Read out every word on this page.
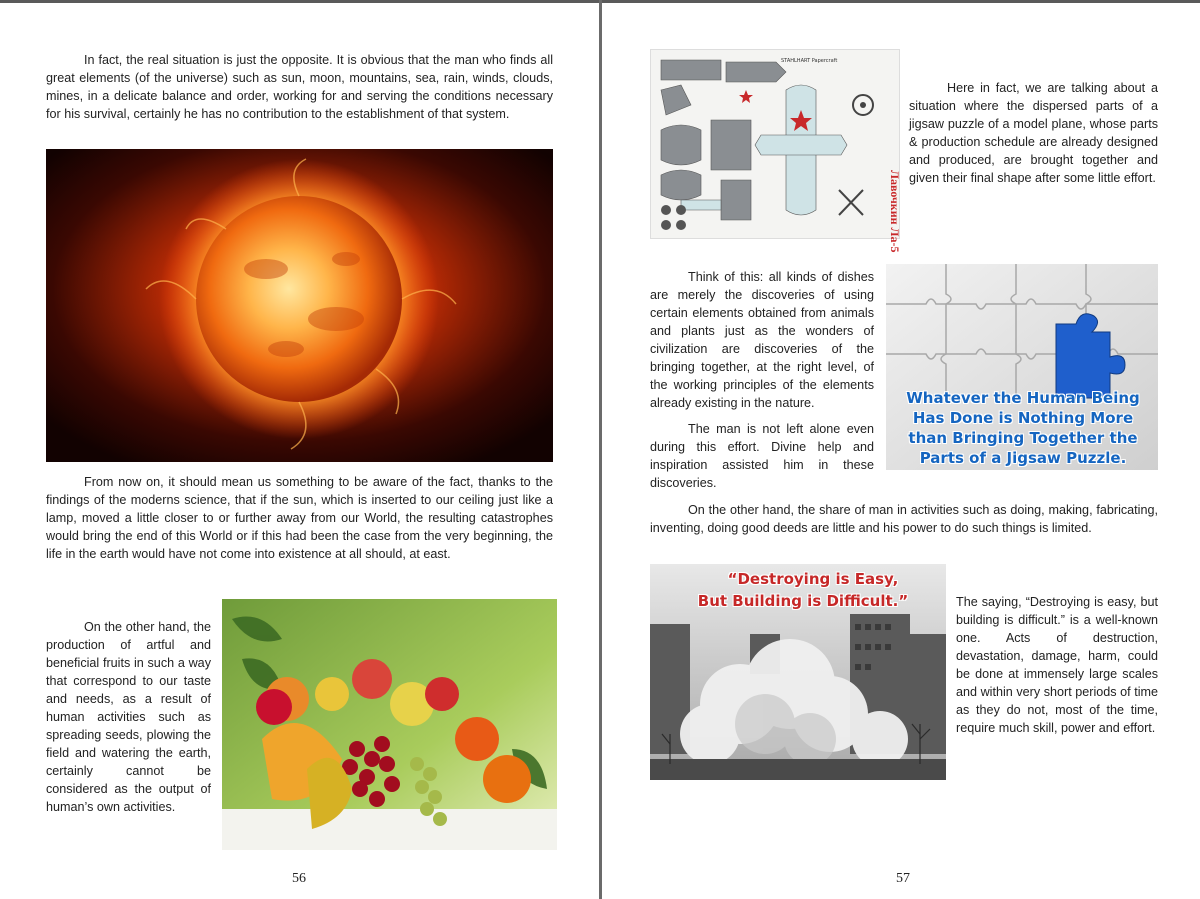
In fact, the real situation is just the opposite. It is obvious that the man who finds all great elements (of the universe) such as sun, moon, mountains, sea, rain, winds, clouds, mines, in a delicate balance and order, working for and serving the conditions necessary for his survival, certainly he has no contribution to the establishment of that system.

From now on, it should mean us something to be aware of the fact, thanks to the findings of the moderns science, that if the sun, which is inserted to our ceiling just like a lamp, moved a little closer to or further away from our World, the resulting catastrophes would bring the end of this World or if this had been the case from the very beginning, the life in the earth would have not come into existence at all should, at east.

On the other hand, the production of artful and beneficial fruits in such a way that correspond to our taste and needs, as a result of human activities such as spreading seeds, plowing the field and watering the earth, certainly cannot be considered as the output of human’s own activities.

56
STAHLHART Papercraft
Лавочкин Ла-5

Here in fact, we are talking about a situation where the dispersed parts of a jigsaw puzzle of a model plane, whose parts & production schedule are already designed and produced, are brought together and given their final shape after some little effort.

Think of this: all kinds of dishes are merely the discoveries of using certain elements obtained from animals and plants just as the wonders of civilization are discoveries of the bringing together, at the right level, of the working principles of the elements already existing in the nature.

The man is not left alone even during this effort. Divine help and inspiration assisted him in these discoveries.

Whatever the Human Being
Has Done is Nothing More
than Bringing Together the
Parts of a Jigsaw Puzzle.

On the other hand, the share of man in activities such as doing, making, fabricating, inventing, doing good deeds are little and his power to do such things is limited.

“Destroying is Easy,
But Building is Difficult.”	The saying, “Destroying is easy, but building is difficult.” is a well-known one. Acts of destruction, devastation, damage, harm, could be done at immensely large scales and within very short periods of time as they do not, most of the time, require much skill, power and effort.

57
